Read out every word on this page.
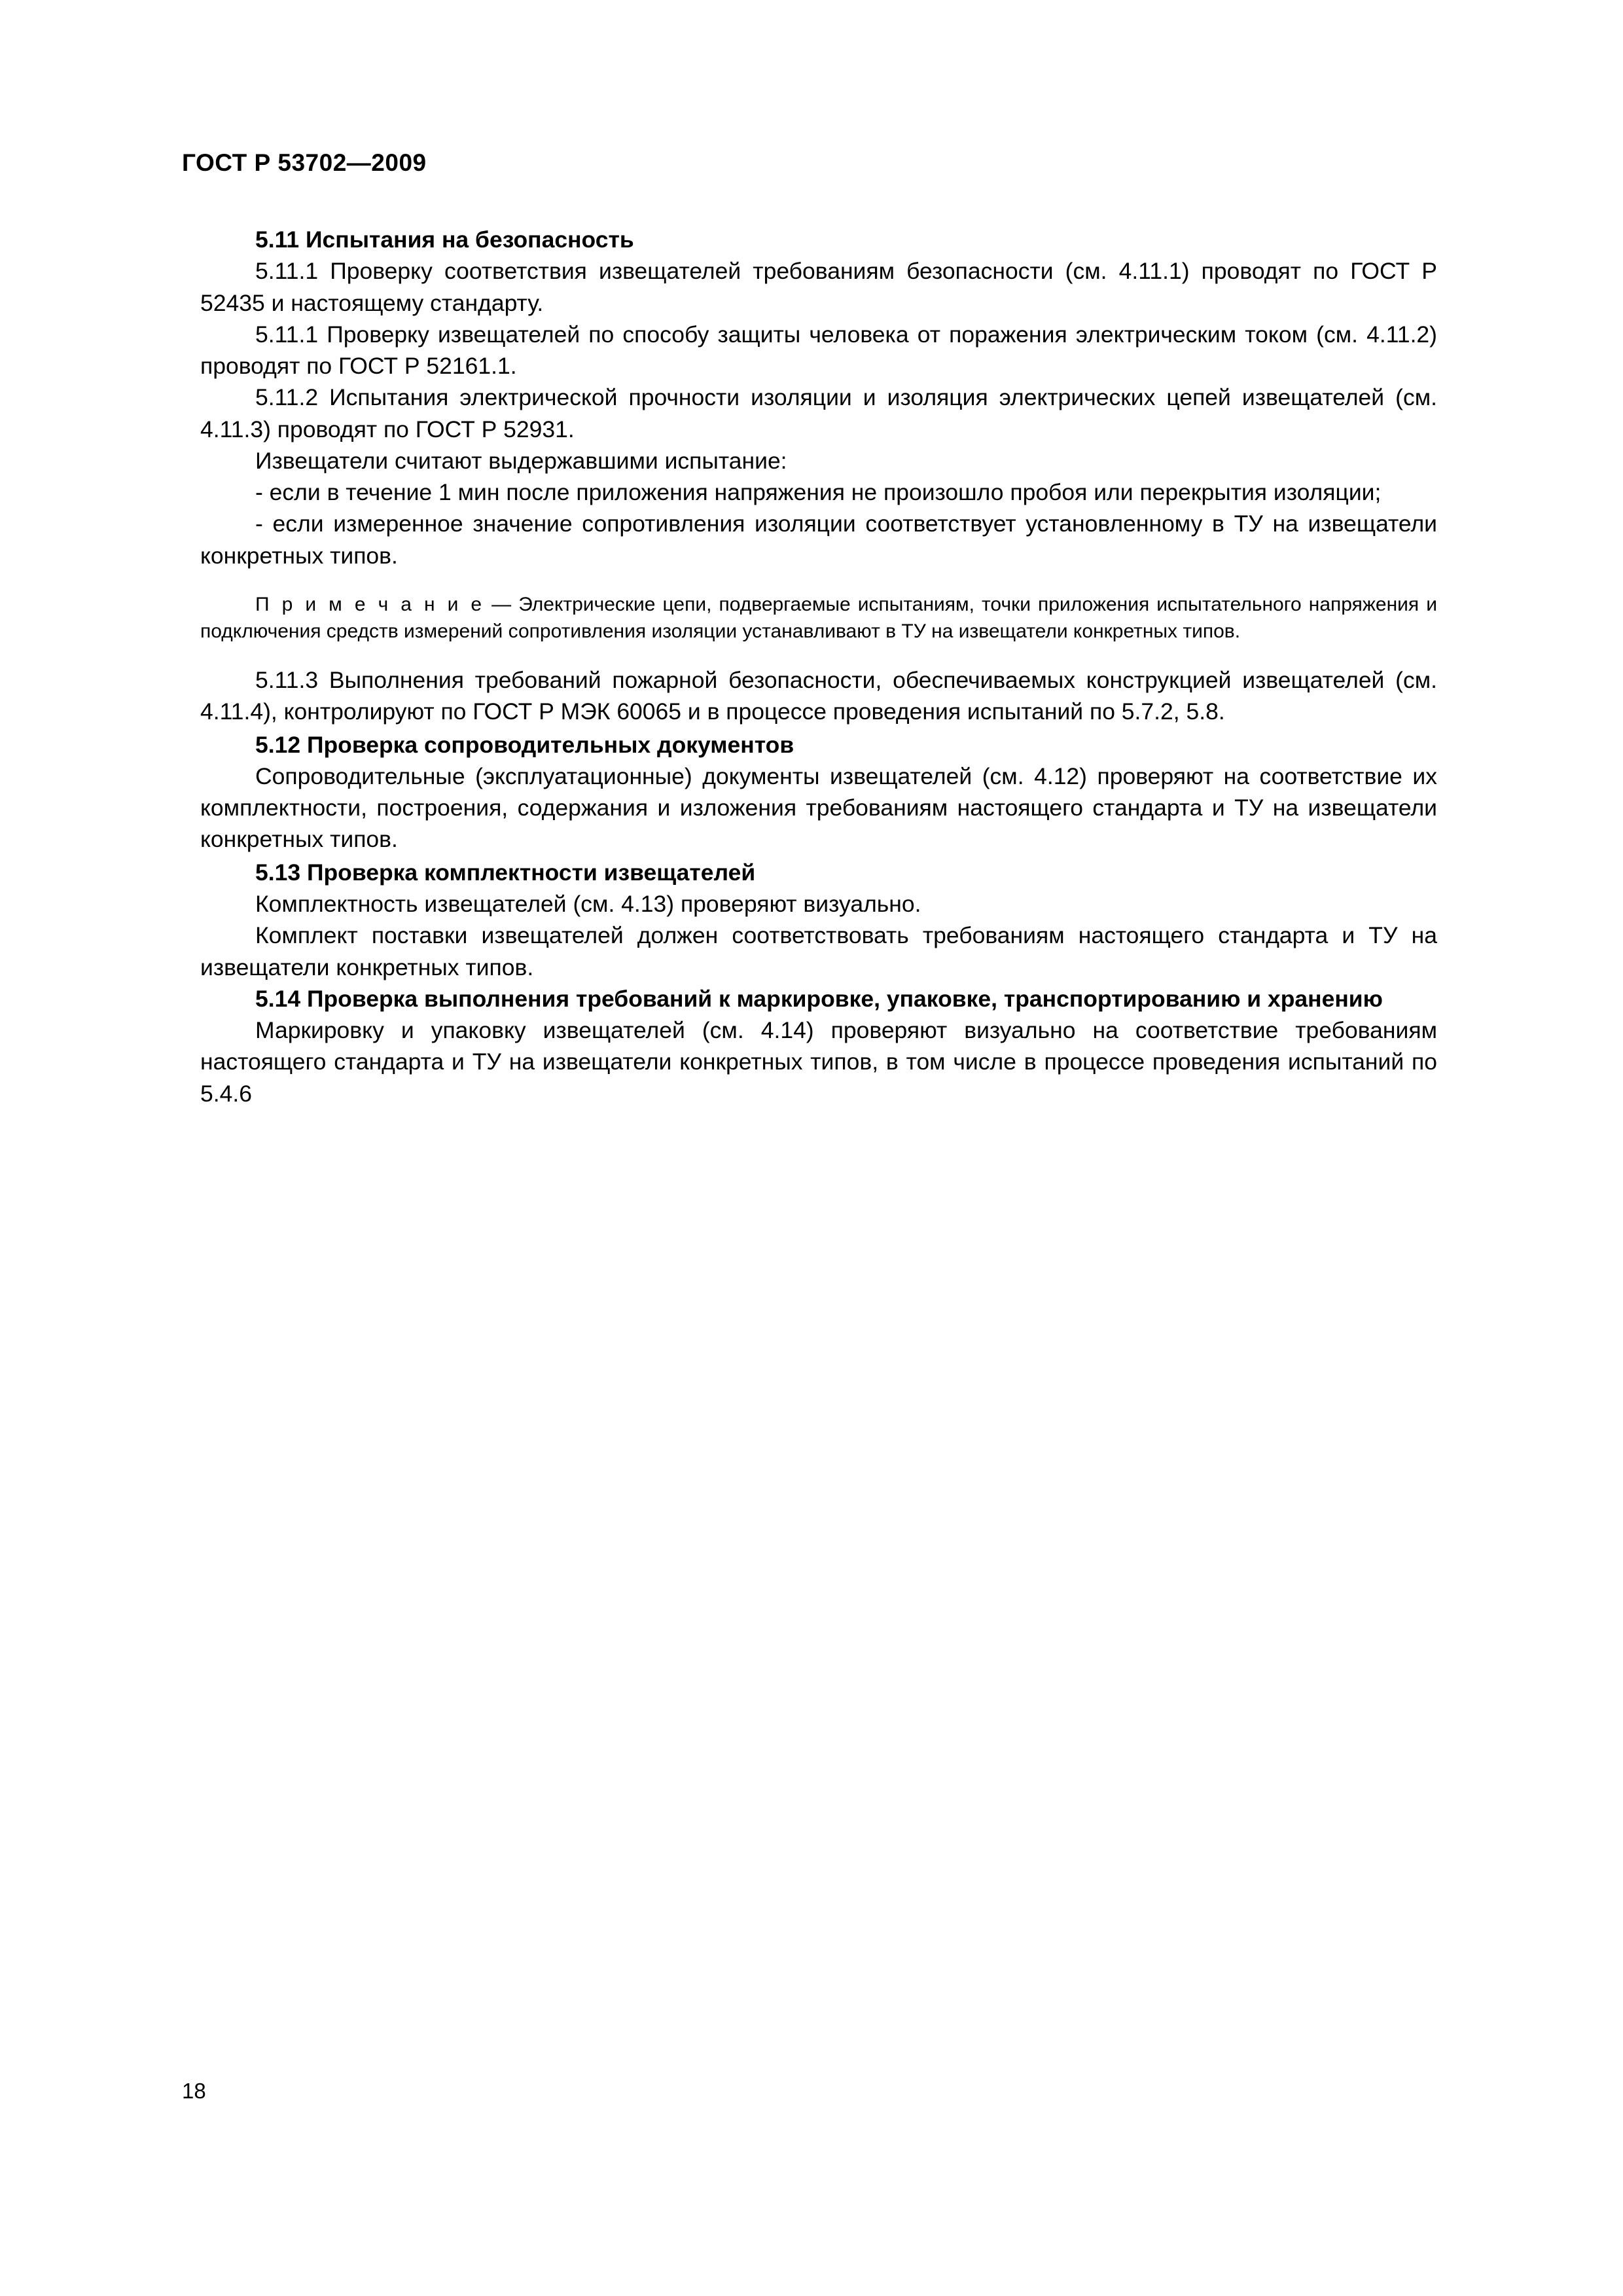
ГОСТ Р 53702—2009

5.11 Испытания на безопасность

5.11.1 Проверку соответствия извещателей требованиям безопасности (см. 4.11.1) проводят по ГОСТ Р 52435 и настоящему стандарту.

5.11.1 Проверку извещателей по способу защиты человека от поражения электрическим током (см. 4.11.2) проводят по ГОСТ Р 52161.1.

5.11.2 Испытания электрической прочности изоляции и изоляция электрических цепей извещателей (см. 4.11.3) проводят по ГОСТ Р 52931.

Извещатели считают выдержавшими испытание:

- если в течение 1 мин после приложения напряжения не произошло пробоя или перекрытия изоляции;

- если измеренное значение сопротивления изоляции соответствует установленному в ТУ на извещатели конкретных типов.

П р и м е ч а н и е — Электрические цепи, подвергаемые испытаниям, точки приложения испытательного напряжения и подключения средств измерений сопротивления изоляции устанавливают в ТУ на извещатели конкретных типов.

5.11.3 Выполнения требований пожарной безопасности, обеспечиваемых конструкцией извещателей (см. 4.11.4), контролируют по ГОСТ Р МЭК 60065 и в процессе проведения испытаний по 5.7.2, 5.8.

5.12 Проверка сопроводительных документов

Сопроводительные (эксплуатационные) документы извещателей (см. 4.12) проверяют на соответствие их комплектности, построения, содержания и изложения требованиям настоящего стандарта и ТУ на извещатели конкретных типов.

5.13 Проверка комплектности извещателей

Комплектность извещателей (см. 4.13) проверяют визуально.

Комплект поставки извещателей должен соответствовать требованиям настоящего стандарта и ТУ на извещатели конкретных типов.

5.14 Проверка выполнения требований к маркировке, упаковке, транспортированию и хранению

Маркировку и упаковку извещателей (см. 4.14) проверяют визуально на соответствие требованиям настоящего стандарта и ТУ на извещатели конкретных типов, в том числе в процессе проведения испытаний по 5.4.6

18
